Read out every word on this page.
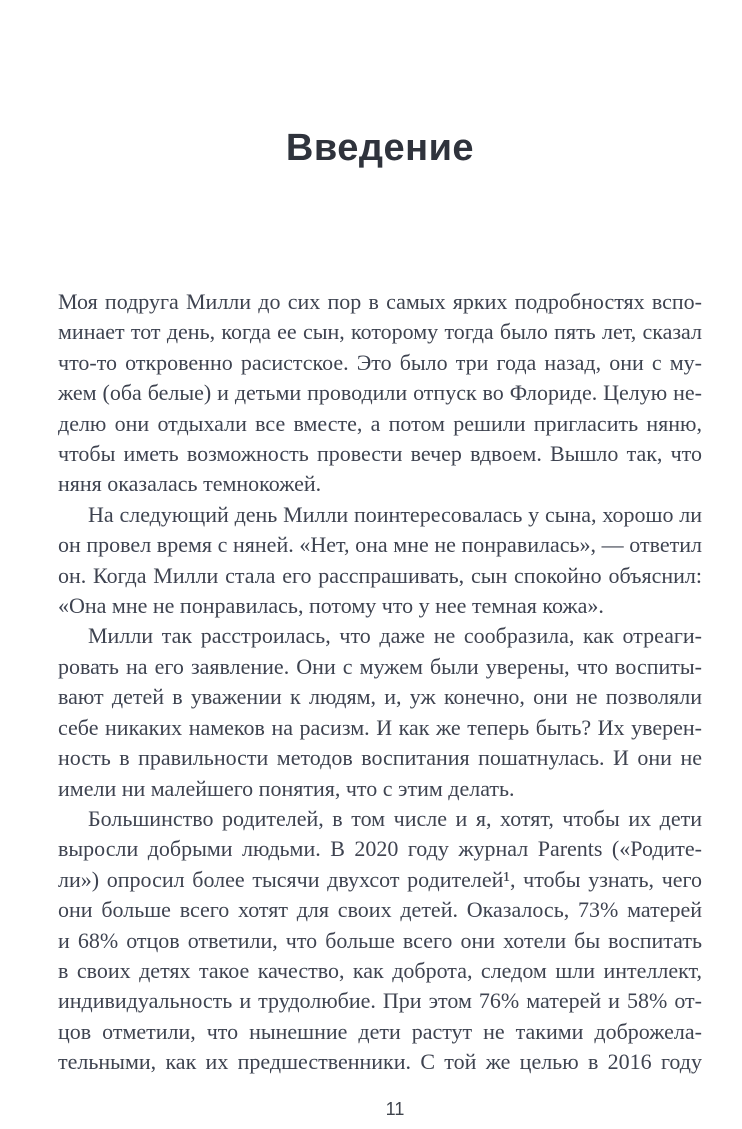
Введение
Моя подруга Милли до сих пор в самых ярких подробностях вспо-
минает тот день, когда ее сын, которому тогда было пять лет, сказал
что-то откровенно расистское. Это было три года назад, они с му-
жем (оба белые) и детьми проводили отпуск во Флориде. Целую не-
делю они отдыхали все вместе, а потом решили пригласить няню,
чтобы иметь возможность провести вечер вдвоем. Вышло так, что
няня оказалась темнокожей.
На следующий день Милли поинтересовалась у сына, хорошо ли
он провел время с няней. «Нет, она мне не понравилась», — ответил
он. Когда Милли стала его расспрашивать, сын спокойно объяснил:
«Она мне не понравилась, потому что у нее темная кожа».
Милли так расстроилась, что даже не сообразила, как отреаги-
ровать на его заявление. Они с мужем были уверены, что воспиты-
вают детей в уважении к людям, и, уж конечно, они не позволяли
себе никаких намеков на расизм. И как же теперь быть? Их уверен-
ность в правильности методов воспитания пошатнулась. И они не
имели ни малейшего понятия, что с этим делать.
Большинство родителей, в том числе и я, хотят, чтобы их дети
выросли добрыми людьми. В 2020 году журнал Parents («Родите-
ли») опросил более тысячи двухсот родителей¹, чтобы узнать, чего
они больше всего хотят для своих детей. Оказалось, 73% матерей
и 68% отцов ответили, что больше всего они хотели бы воспитать
в своих детях такое качество, как доброта, следом шли интеллект,
индивидуальность и трудолюбие. При этом 76% матерей и 58% от-
цов отметили, что нынешние дети растут не такими доброжела-
тельными, как их предшественники. С той же целью в 2016 году
11
